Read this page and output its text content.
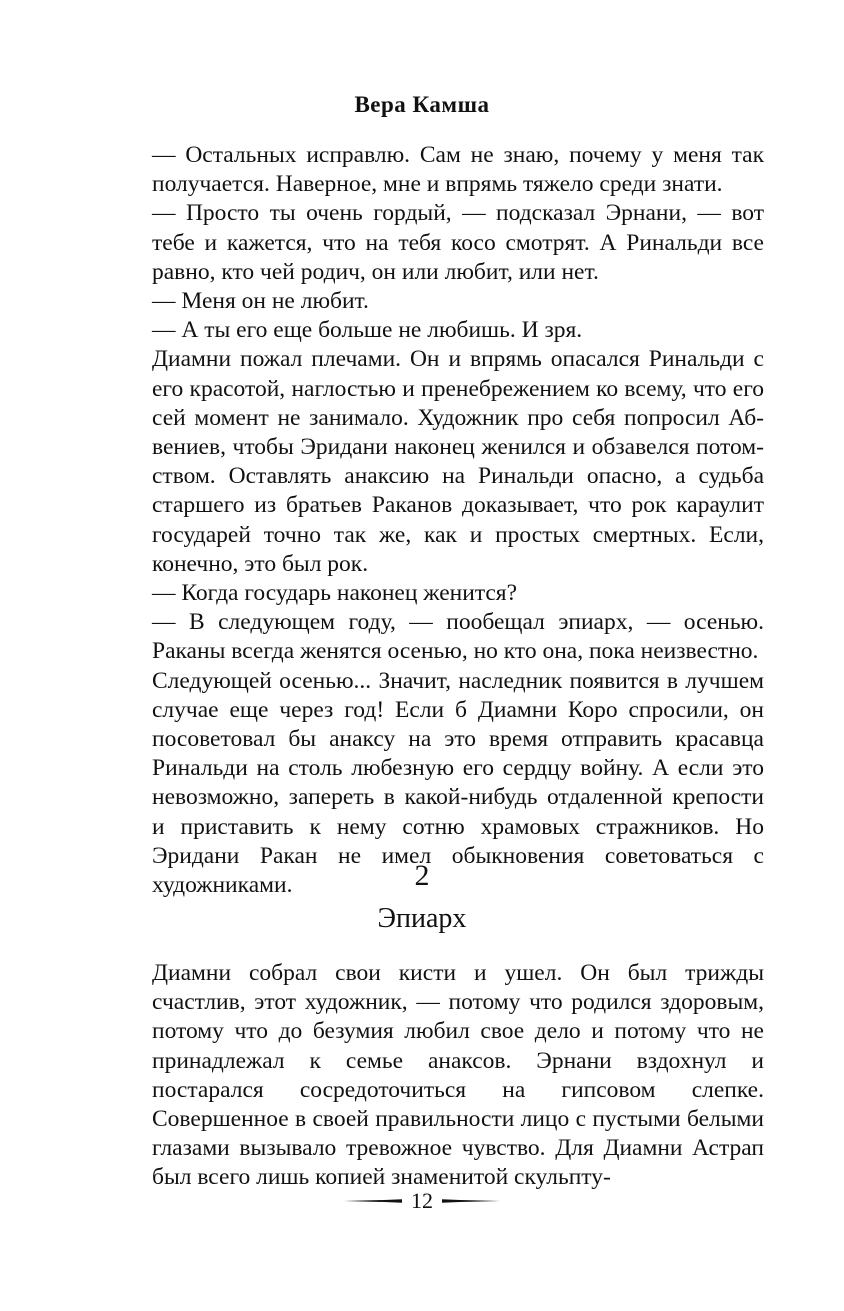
Вера Камша

— Остальных исправлю. Сам не знаю, почему у меня так получается. Наверное, мне и впрямь тяжело среди знати.

— Просто ты очень гордый, — подсказал Эрнани, — вот тебе и кажется, что на тебя косо смотрят. А Ринальди все равно, кто чей родич, он или любит, или нет.

— Меня он не любит.

— А ты его еще больше не любишь. И зря.

Диамни пожал плечами. Он и впрямь опасался Ринальди с его красотой, наглостью и пренебрежением ко всему, что его сей момент не занимало. Художник про себя попросил Абвениев, чтобы Эридани наконец женился и обзавелся потомством. Оставлять анаксию на Ринальди опасно, а судьба старшего из братьев Раканов доказывает, что рок караулит государей точно так же, как и простых смертных. Если, конечно, это был рок.

— Когда государь наконец женится?

— В следующем году, — пообещал эпиарх, — осенью. Раканы всегда женятся осенью, но кто она, пока неизвестно.

Следующей осенью... Значит, наследник появится в лучшем случае еще через год! Если б Диамни Коро спросили, он посоветовал бы анаксу на это время отправить красавца Ринальди на столь любезную его сердцу войну. А если это невозможно, запереть в какой-нибудь отдаленной крепости и приставить к нему сотню храмовых стражников. Но Эридани Ракан не имел обыкновения советоваться с художниками.	2
Эпиарх

Диамни собрал свои кисти и ушел. Он был трижды счастлив, этот художник, — потому что родился здоровым, потому что до безумия любил свое дело и потому что не принадлежал к семье анаксов. Эрнани вздохнул и постарался сосредоточиться на гипсовом слепке. Совершенное в своей правильности лицо с пустыми белыми глазами вызывало тревожное чувство. Для Диамни Астрап был всего лишь копией знаменитой скульпту-

12
